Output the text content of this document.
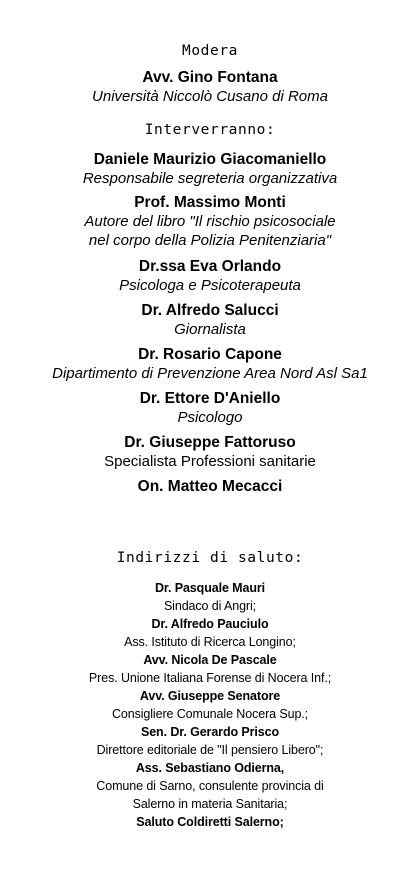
Modera
Avv. Gino Fontana
Università Niccolò Cusano di Roma
Interverranno:
Daniele Maurizio Giacomaniello
Responsabile segreteria organizzativa
Prof. Massimo Monti
Autore del libro "Il rischio psicosociale
nel corpo della Polizia Penitenziaria"
Dr.ssa Eva Orlando
Psicologa e Psicoterapeuta
Dr. Alfredo Salucci
Giornalista
Dr. Rosario Capone
Dipartimento di Prevenzione Area Nord Asl Sa1
Dr. Ettore D'Aniello
Psicologo
Dr. Giuseppe Fattoruso
Specialista Professioni sanitarie
On. Matteo Mecacci
Indirizzi di saluto:
Dr. Pasquale Mauri
Sindaco di Angri;
Dr. Alfredo Pauciulo
Ass. Istituto di Ricerca Longino;
Avv. Nicola De Pascale
Pres. Unione Italiana Forense di Nocera Inf.;
Avv. Giuseppe Senatore
Consigliere Comunale Nocera Sup.;
Sen. Dr. Gerardo Prisco
Direttore editoriale de "Il pensiero Libero";
Ass. Sebastiano Odierna,
Comune di Sarno, consulente provincia di
Salerno in materia Sanitaria;
Saluto Coldiretti Salerno;
